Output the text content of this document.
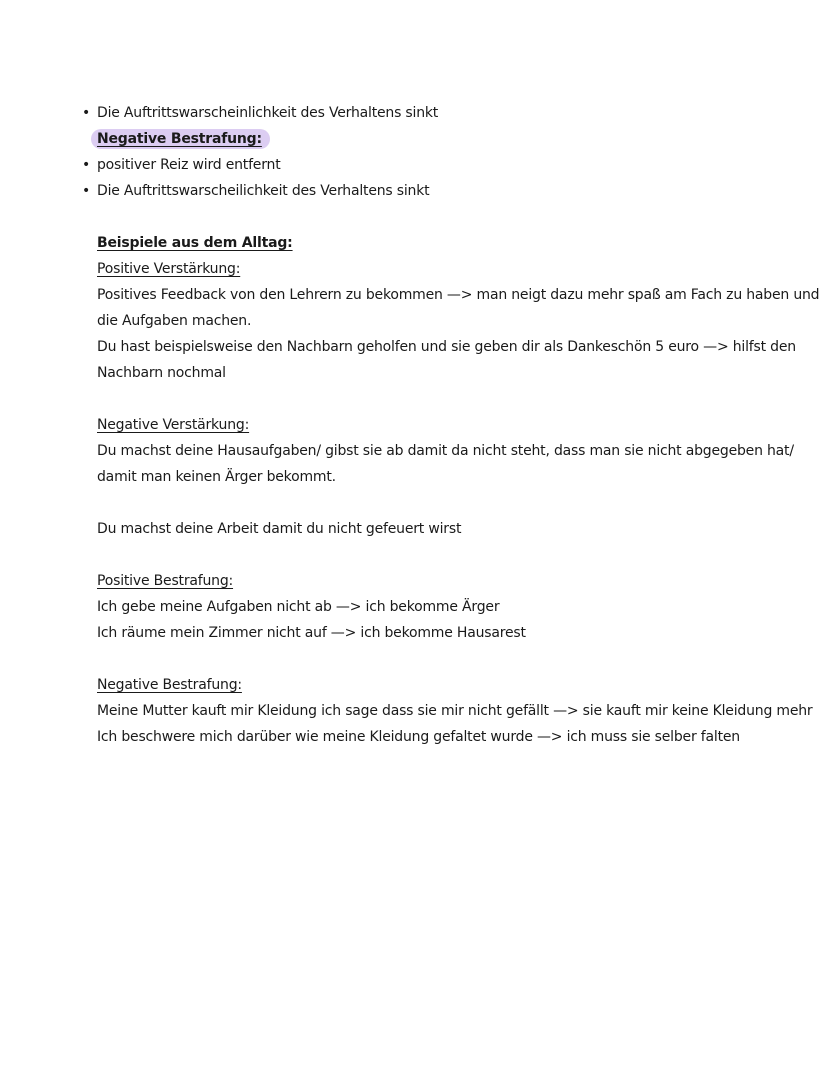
• Die Auftrittswarscheinlichkeit des Verhaltens sinkt
Negative Bestrafung:
• positiver Reiz wird entfernt
• Die Auftrittswarscheilichkeit des Verhaltens sinkt
Beispiele aus dem Alltag:
Positive Verstärkung:
Positives Feedback von den Lehrern zu bekommen —> man neigt dazu mehr spaß am Fach zu haben und
die Aufgaben machen.
Du hast beispielsweise den Nachbarn geholfen und sie geben dir als Dankeschön 5 euro —> hilfst den
Nachbarn nochmal
Negative Verstärkung:
Du machst deine Hausaufgaben/ gibst sie ab damit da nicht steht, dass man sie nicht abgegeben hat/
damit man keinen Ärger bekommt.
Du machst deine Arbeit damit du nicht gefeuert wirst
Positive Bestrafung:
Ich gebe meine Aufgaben nicht ab —> ich bekomme Ärger
Ich räume mein Zimmer nicht auf —> ich bekomme Hausarest
Negative Bestrafung:
Meine Mutter kauft mir Kleidung ich sage dass sie mir nicht gefällt —> sie kauft mir keine Kleidung mehr
Ich beschwere mich darüber wie meine Kleidung gefaltet wurde —> ich muss sie selber falten
